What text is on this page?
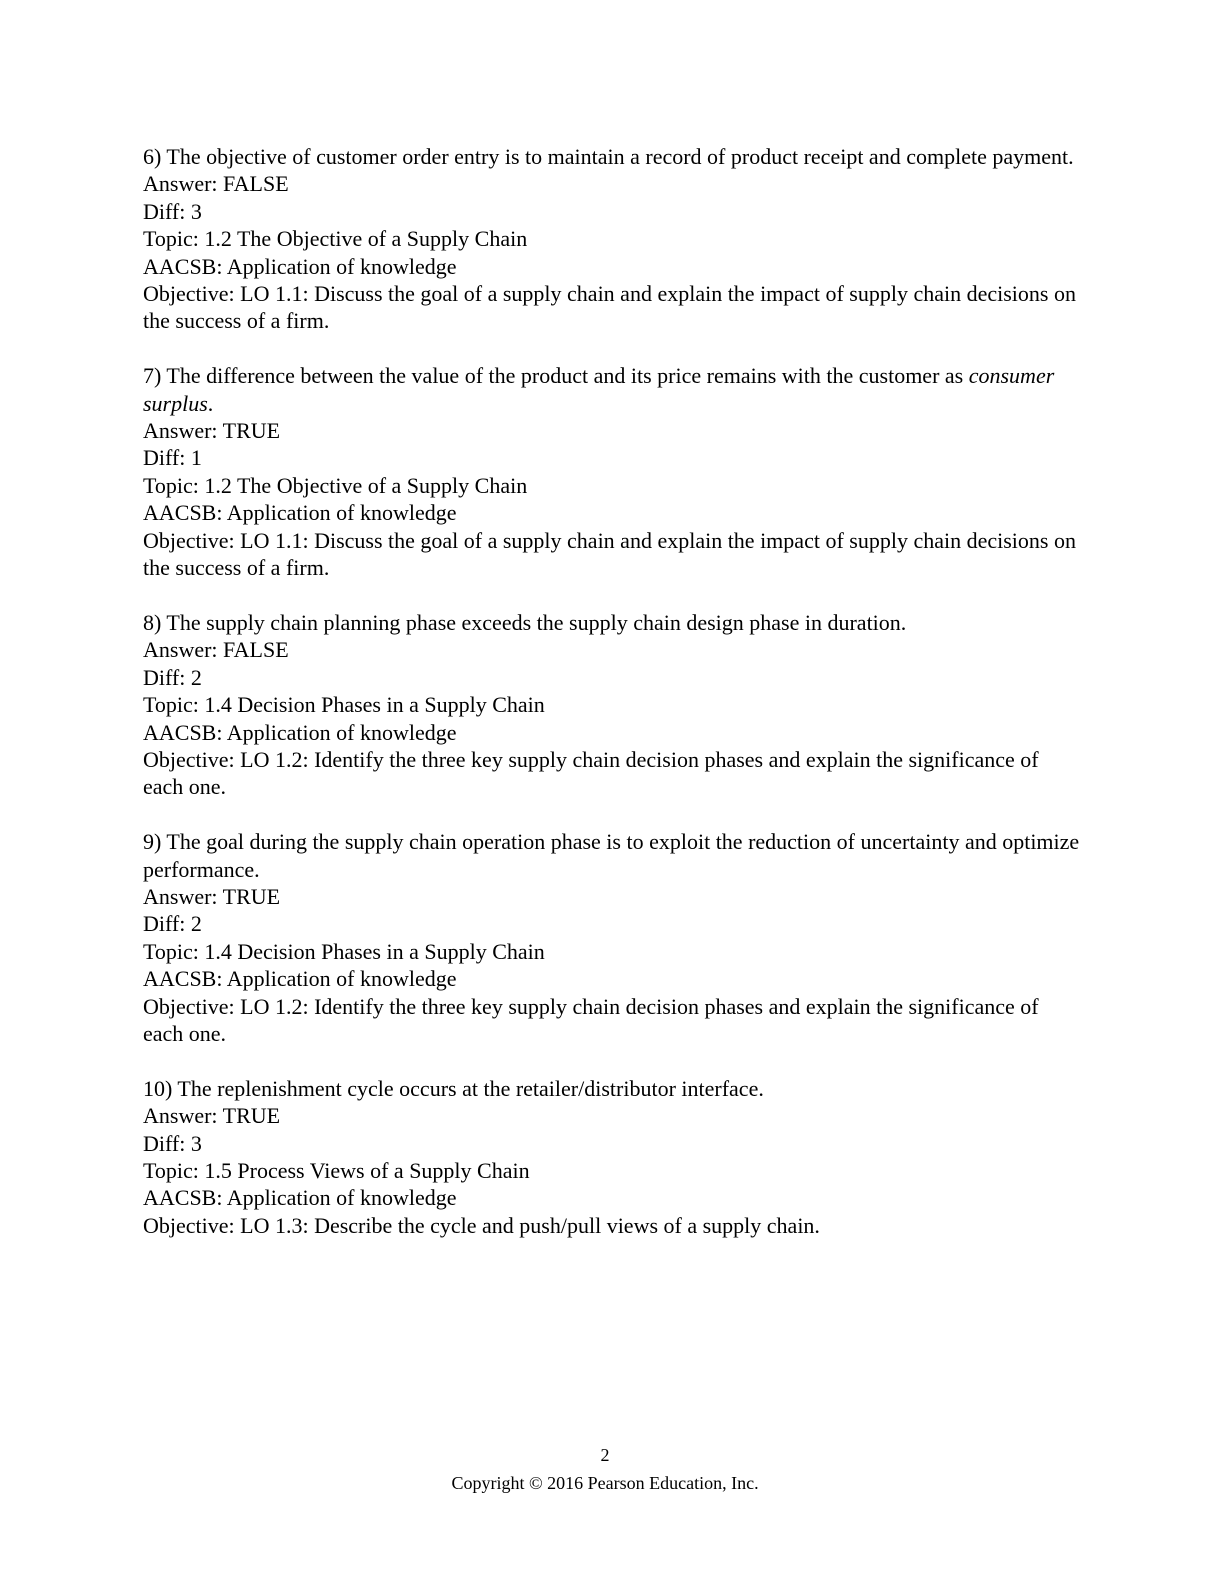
6) The objective of customer order entry is to maintain a record of product receipt and complete payment.
Answer: FALSE
Diff: 3
Topic: 1.2 The Objective of a Supply Chain
AACSB: Application of knowledge
Objective: LO 1.1: Discuss the goal of a supply chain and explain the impact of supply chain decisions on the success of a firm.
7) The difference between the value of the product and its price remains with the customer as consumer surplus.
Answer: TRUE
Diff: 1
Topic: 1.2 The Objective of a Supply Chain
AACSB: Application of knowledge
Objective: LO 1.1: Discuss the goal of a supply chain and explain the impact of supply chain decisions on the success of a firm.
8) The supply chain planning phase exceeds the supply chain design phase in duration.
Answer: FALSE
Diff: 2
Topic: 1.4 Decision Phases in a Supply Chain
AACSB: Application of knowledge
Objective: LO 1.2: Identify the three key supply chain decision phases and explain the significance of each one.
9) The goal during the supply chain operation phase is to exploit the reduction of uncertainty and optimize performance.
Answer: TRUE
Diff: 2
Topic: 1.4 Decision Phases in a Supply Chain
AACSB: Application of knowledge
Objective: LO 1.2: Identify the three key supply chain decision phases and explain the significance of each one.
10) The replenishment cycle occurs at the retailer/distributor interface.
Answer: TRUE
Diff: 3
Topic: 1.5 Process Views of a Supply Chain
AACSB: Application of knowledge
Objective: LO 1.3: Describe the cycle and push/pull views of a supply chain.
2
Copyright © 2016 Pearson Education, Inc.
